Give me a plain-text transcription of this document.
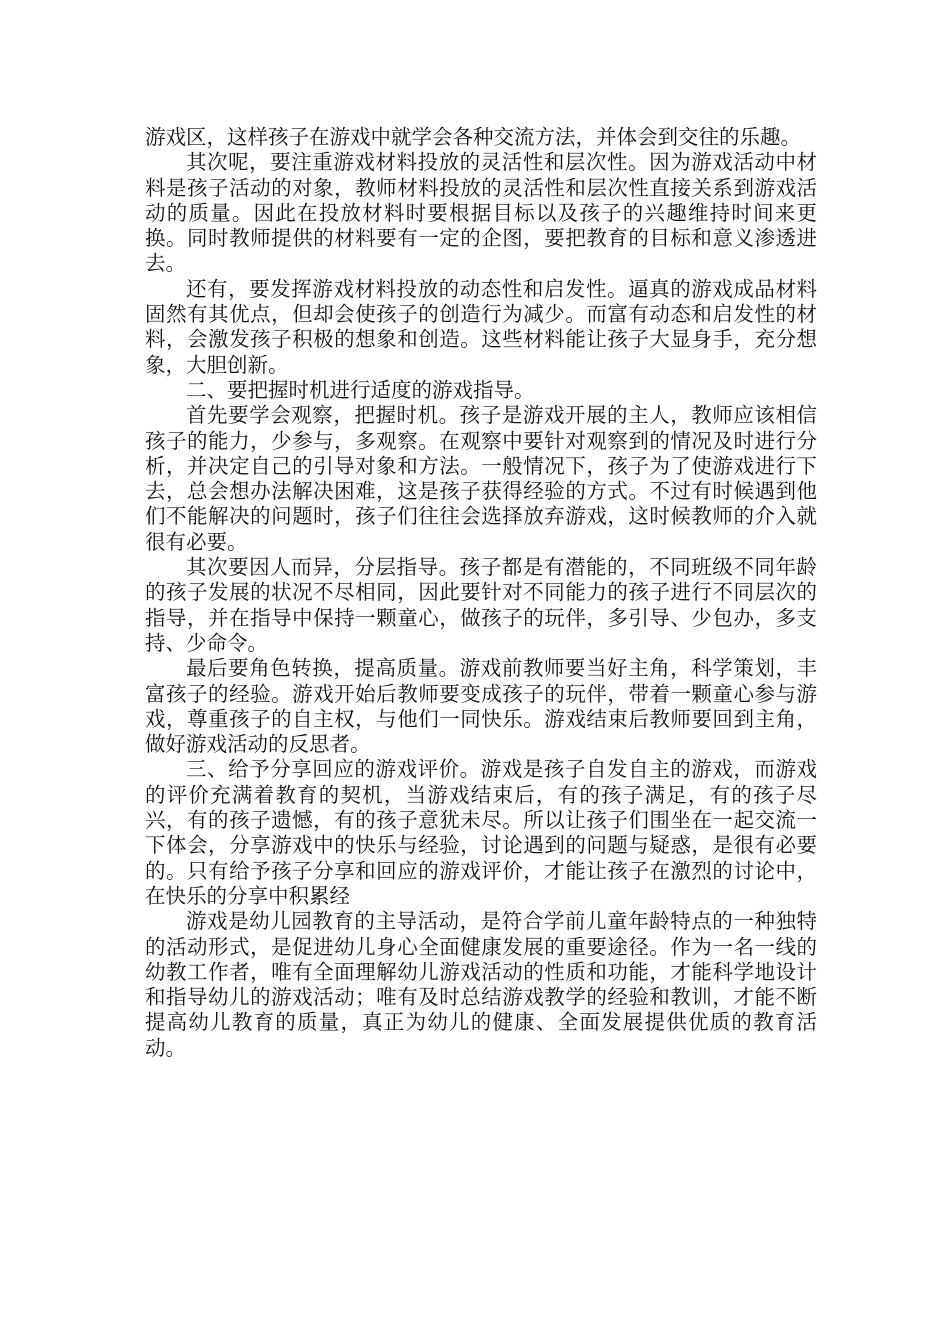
游戏区，这样孩子在游戏中就学会各种交流方法，并体会到交往的乐趣。

其次呢，要注重游戏材料投放的灵活性和层次性。因为游戏活动中材料是孩子活动的对象，教师材料投放的灵活性和层次性直接关系到游戏活动的质量。因此在投放材料时要根据目标以及孩子的兴趣维持时间来更换。同时教师提供的材料要有一定的企图，要把教育的目标和意义渗透进去。

还有，要发挥游戏材料投放的动态性和启发性。逼真的游戏成品材料固然有其优点，但却会使孩子的创造行为减少。而富有动态和启发性的材料，会激发孩子积极的想象和创造。这些材料能让孩子大显身手，充分想象，大胆创新。

二、要把握时机进行适度的游戏指导。

首先要学会观察，把握时机。孩子是游戏开展的主人，教师应该相信孩子的能力，少参与，多观察。在观察中要针对观察到的情况及时进行分析，并决定自己的引导对象和方法。一般情况下，孩子为了使游戏进行下去，总会想办法解决困难，这是孩子获得经验的方式。不过有时候遇到他们不能解决的问题时，孩子们往往会选择放弃游戏，这时候教师的介入就很有必要。

其次要因人而异，分层指导。孩子都是有潜能的，不同班级不同年龄的孩子发展的状况不尽相同，因此要针对不同能力的孩子进行不同层次的指导，并在指导中保持一颗童心，做孩子的玩伴，多引导、少包办，多支持、少命令。

最后要角色转换，提高质量。游戏前教师要当好主角，科学策划，丰富孩子的经验。游戏开始后教师要变成孩子的玩伴，带着一颗童心参与游戏，尊重孩子的自主权，与他们一同快乐。游戏结束后教师要回到主角，做好游戏活动的反思者。

三、给予分享回应的游戏评价。游戏是孩子自发自主的游戏，而游戏的评价充满着教育的契机，当游戏结束后，有的孩子满足，有的孩子尽兴，有的孩子遗憾，有的孩子意犹未尽。所以让孩子们围坐在一起交流一下体会，分享游戏中的快乐与经验，讨论遇到的问题与疑惑，是很有必要的。只有给予孩子分享和回应的游戏评价，才能让孩子在激烈的讨论中，在快乐的分享中积累经

游戏是幼儿园教育的主导活动，是符合学前儿童年龄特点的一种独特的活动形式，是促进幼儿身心全面健康发展的重要途径。作为一名一线的幼教工作者，唯有全面理解幼儿游戏活动的性质和功能，才能科学地设计和指导幼儿的游戏活动；唯有及时总结游戏教学的经验和教训，才能不断提高幼儿教育的质量，真正为幼儿的健康、全面发展提供优质的教育活动。
